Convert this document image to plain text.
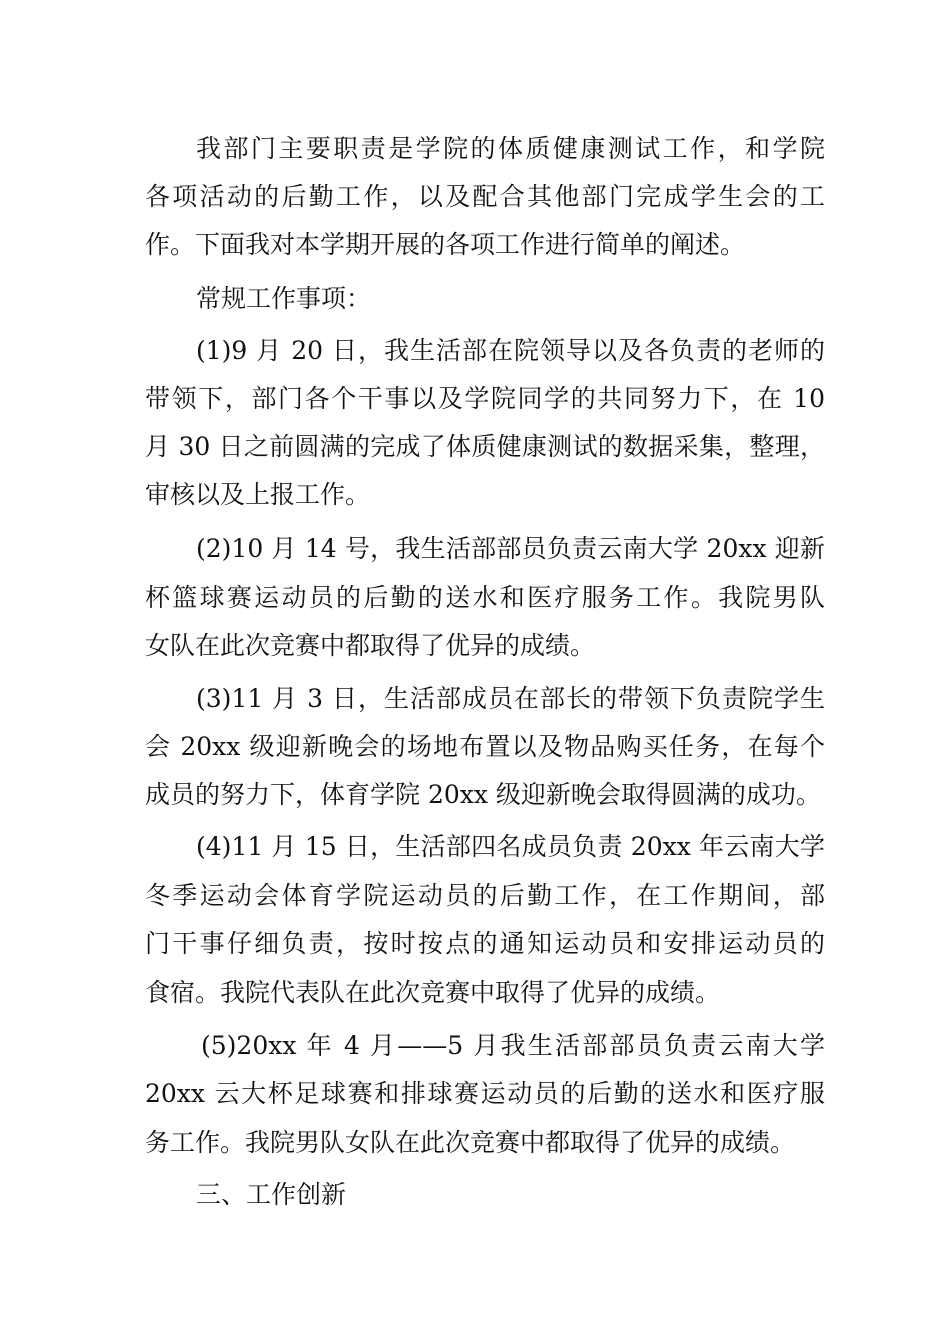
我部门主要职责是学院的体质健康测试工作，和学院

各项活动的后勤工作，以及配合其他部门完成学生会的工

作。下面我对本学期开展的各项工作进行简单的阐述。

常规工作事项：

(1)9 月 20 日，我生活部在院领导以及各负责的老师的

带领下，部门各个干事以及学院同学的共同努力下，在 10

月 30 日之前圆满的完成了体质健康测试的数据采集，整理，

审核以及上报工作。

(2)10 月 14 号，我生活部部员负责云南大学 20xx 迎新

杯篮球赛运动员的后勤的送水和医疗服务工作。我院男队

女队在此次竞赛中都取得了优异的成绩。

(3)11 月 3 日，生活部成员在部长的带领下负责院学生

会 20xx 级迎新晚会的场地布置以及物品购买任务，在每个

成员的努力下，体育学院 20xx 级迎新晚会取得圆满的成功。

(4)11 月 15 日，生活部四名成员负责 20xx 年云南大学

冬季运动会体育学院运动员的后勤工作，在工作期间，部

门干事仔细负责，按时按点的通知运动员和安排运动员的

食宿。我院代表队在此次竞赛中取得了优异的成绩。

(5)20xx 年 4 月——5 月我生活部部员负责云南大学

20xx 云大杯足球赛和排球赛运动员的后勤的送水和医疗服

务工作。我院男队女队在此次竞赛中都取得了优异的成绩。

三、工作创新
